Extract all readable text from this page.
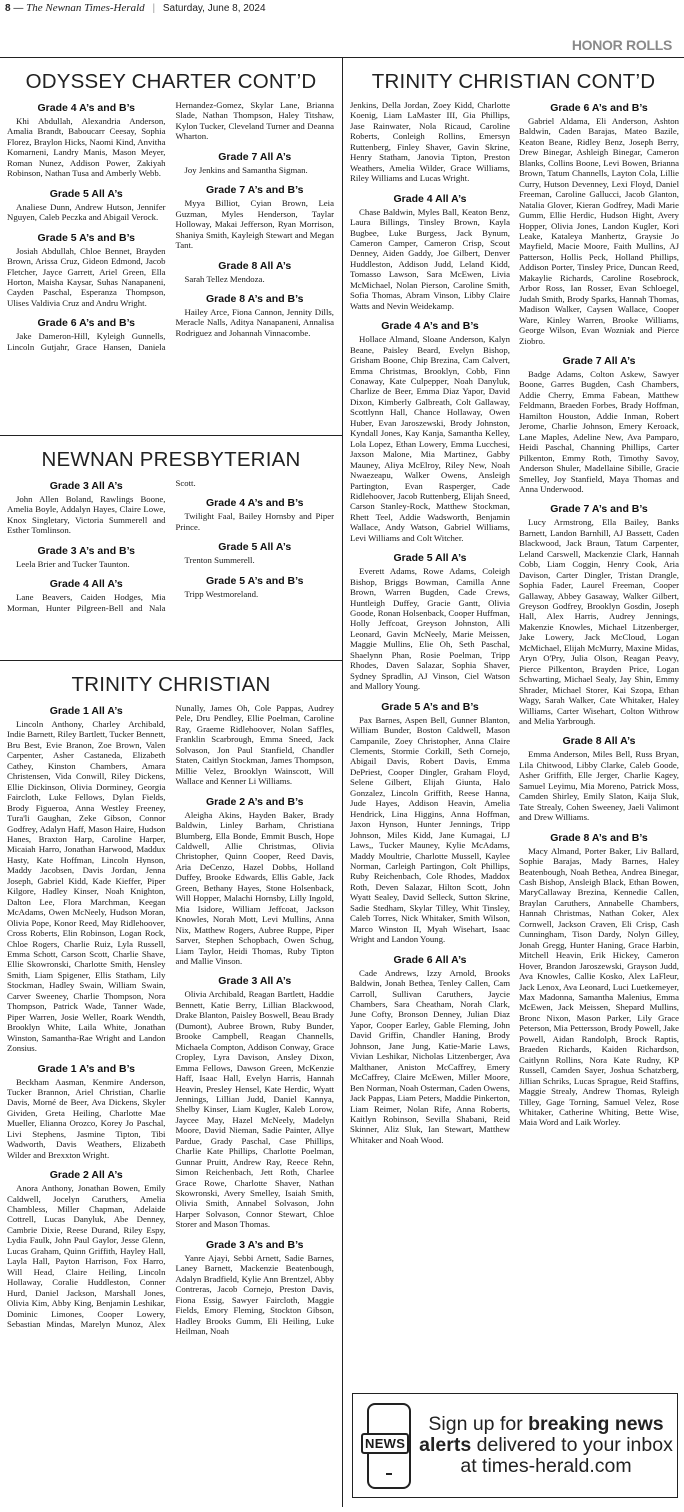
8 — The Newnan Times-Herald | Saturday, June 8, 2024
HONOR ROLLS
ODYSSEY CHARTER CONT’D
Grade 4 A’s and B’s

Khi Abdullah, Alexandria Anderson, Amalia Brandt, Baboucarr Ceesay, Sophia Florez, Braylon Hicks, Naomi Kind, Anvitha Komarneni, Landry Manis, Mason Meyer, Roman Nunez, Addison Power, Zakiyah Robinson, Nathan Tusa and Amberly Webb.

Grade 5 All A’s

Analiese Dunn, Andrew Hutson, Jennifer Nguyen, Caleb Peczka and Abigail Verock.

Grade 5 A’s and B’s

Josiah Abdullah, Chloe Bennet, Brayden Brown, Arissa Cruz, Gideon Edmond, Jacob Fletcher, Jayce Garrett, Ariel Green, Ella Horton, Maisha Kaysar, Suhas Nanapaneni, Cayden Paschal, Esperanza Thompson, Ulises Valdivia Cruz and Andru Wright.

Grade 6 A’s and B’s

Jake Dameron-Hill, Kyleigh Gunnells, Lincoln Gutjahr, Grace Hansen, Daniela Hernandez-Gomez, Skylar Lane, Brianna Slade, Nathan Thompson, Haley Titshaw, Kylon Tucker, Cleveland Turner and Deanna Wharton.

Grade 7 All A’s

Joy Jenkins and Samantha Sigman.

Grade 7 A’s and B’s

Myya Billiot, Cyian Brown, Leia Guzman, Myles Henderson, Taylar Holloway, Makai Jefferson, Ryan Morrison, Shaniya Smith, Kayleigh Stewart and Megan Tant.

Grade 8 All A’s

Sarah Tellez Mendoza.

Grade 8 A’s and B’s

Hailey Arce, Fiona Cannon, Jennity Dills, Meracle Nalls, Aditya Nanapaneni, Annalisa Rodriguez and Johannah Vinnacombe.

NEWNAN PRESBYTERIAN
Grade 3 All A’s

John Allen Boland, Rawlings Boone, Amelia Boyle, Addalyn Hayes, Claire Lowe, Knox Singletary, Victoria Summerell and Esther Tomlinson.

Grade 3 A’s and B’s

Leela Brier and Tucker Taunton.

Grade 4 All A’s

Lane Beavers, Caiden Hodges, Mia Morman, Hunter Pilgreen-Bell and Nala Scott.

Grade 4 A’s and B’s

Twilight Faal, Bailey Hornsby and Piper Prince.

Grade 5 All A’s

Trenton Summerell.

Grade 5 A’s and B’s

Tripp Westmoreland.

TRINITY CHRISTIAN
Grade 1 All A’s

Lincoln Anthony, Charley Archibald, Indie Barnett, Riley Bartlett, Tucker Bennett, Bru Best, Evie Branon, Zoe Brown, Valen Carpenter, Asher Castaneda, Elizabeth Cathey, Kinston Chambers, Amara Christensen, Vida Conwill, Riley Dickens, Ellie Dickinson, Olivia Dorminey, Georgia Faircloth, Luke Fellows, Dylan Fields, Brody Figueroa, Anna Westley Freeney, Tura'li Gaughan, Zeke Gibson, Connor Godfrey, Adalyn Haff, Mason Haire, Hudson Hanes, Braxton Harp, Caroline Harper, Micaiah Harro, Jonathan Harwood, Maddux Hasty, Kate Hoffman, Lincoln Hynson, Maddy Jacobsen, Davis Jordan, Jenna Joseph, Gabriel Kidd, Kade Kieffer, Piper Kilgore, Hadley Kinser, Noah Knighton, Dalton Lee, Flora Marchman, Keegan McAdams, Owen McNeely, Hudson Moran, Olivia Pope, Konor Reed, May Ridlehoover, Cross Roberts, Elin Robinson, Logan Rock, Chloe Rogers, Charlie Ruiz, Lyla Russell, Emma Schott, Carson Scott, Charlie Shave, Ellie Skowronski, Charlotte Smith, Hensley Smith, Liam Spigener, Ellis Statham, Lily Stockman, Hadley Swain, William Swain, Carver Sweeney, Charlie Thompson, Nora Thompson, Patrick Wade, Tanner Wade, Piper Warren, Josie Weller, Roark Wendth, Brooklyn White, Laila White, Jonathan Winston, Samantha-Rae Wright and Landon Zonsius.

Grade 1 A’s and B’s

Beckham Aasman, Kenmire Anderson, Tucker Brannon, Ariel Christian, Charlie Davis, Morné de Beer, Ava Dickens, Skyler Gividen, Greta Heiling, Charlotte Mae Mueller, Elianna Orozco, Korey Jo Paschal, Livi Stephens, Jasmine Tipton, Tibi Wadworth, Davis Weathers, Elizabeth Wilder and Brexxton Wright.

Grade 2 All A’s

Anora Anthony, Jonathan Bowen, Emily Caldwell, Jocelyn Caruthers, Amelia Chambless, Miller Chapman, Adelaide Cottrell, Lucas Danyluk, Abe Denney, Cambrie Dixie, Reese Durand, Riley Espy, Lydia Faulk, John Paul Gaylor, Jesse Glenn, Lucas Graham, Quinn Griffith, Hayley Hall, Layla Hall, Payton Harrison, Fox Harro, Will Head, Claire Heiling, Lincoln Hollaway, Coralie Huddleston, Conner Hurd, Daniel Jackson, Marshall Jones, Olivia Kim, Abby King, Benjamin Leshikar, Dominic Limones, Cooper Lowery, Sebastian Mindas, Marelyn Munoz, Alex Nunally, James Oh, Cole Pappas, Audrey Pele, Dru Pendley, Ellie Poelman, Caroline Ray, Graeme Ridlehoover, Nolan Saffles, Franklin Scarbrough, Emma Sneed, Jack Solvason, Jon Paul Stanfield, Chandler Staten, Caitlyn Stockman, James Thompson, Millie Velez, Brooklyn Wainscott, Will Wallace and Kenner Li Williams.

Grade 2 A’s and B’s

Aleigha Akins, Hayden Baker, Brady Baldwin, Linley Barham, Christiana Blumberg, Ella Bonde, Emmit Busch, Hope Caldwell, Allie Christmas, Olivia Christopher, Quinn Cooper, Reed Davis, Aria DeCenzo, Hazel Dobbs, Holland Duffey, Brooke Edwards, Ellis Gable, Jack Green, Bethany Hayes, Stone Holsenback, Will Hopper, Malachi Hornsby, Lilly Ingold, Mia Isidore, William Jeffcoat, Jackson Knowles, Norah Mott, Levi Mullins, Anna Nix, Matthew Rogers, Aubree Ruppe, Piper Sarver, Stephen Schopbach, Owen Schug, Liam Taylor, Heidi Thomas, Ruby Tipton and Mallie Vinson.

Grade 3 All A’s

Olivia Archibald, Reagan Bartlett, Haddie Bennett, Katie Berry, Lillian Blackwood, Drake Blanton, Paisley Boswell, Beau Brady (Dumont), Aubree Brown, Ruby Bunder, Brooke Campbell, Reagan Channells, Michaela Compton, Addison Conway, Grace Cropley, Lyra Davison, Ansley Dixon, Emma Fellows, Dawson Green, McKenzie Haff, Isaac Hall, Evelyn Harris, Hannah Heavin, Presley Hensel, Kate Herdic, Wyatt Jennings, Lillian Judd, Daniel Kannya, Shelby Kinser, Liam Kugler, Kaleb Lorow, Jaycee May, Hazel McNeely, Madelyn Moore, David Nieman, Sadie Painter, Allye Pardue, Grady Paschal, Case Phillips, Charlie Kate Phillips, Charlotte Poelman, Gunnar Pruitt, Andrew Ray, Reece Rehn, Simon Reichenbach, Jett Roth, Charlee Grace Rowe, Charlotte Shaver, Nathan Skowronski, Avery Smelley, Isaiah Smith, Olivia Smith, Annabel Solvason, John Harper Solvason, Connor Stewart, Chloe Storer and Mason Thomas.

Grade 3 A’s and B’s

Yanre Ajayi, Sebbi Arnett, Sadie Barnes, Laney Barnett, Mackenzie Beatenbough, Adalyn Bradfield, Kylie Ann Brentzel, Abby Contreras, Jacob Cornejo, Preston Davis, Fiona Essig, Sawyer Faircloth, Maggie Fields, Emory Fleming, Stockton Gibson, Hadley Brooks Gumm, Eli Heiling, Luke Heilman, Noah

TRINITY CHRISTIAN CONT’D

Jenkins, Della Jordan, Zoey Kidd, Charlotte Koenig, Liam LaMaster III, Gia Phillips, Jase Rainwater, Nola Ricaud, Caroline Roberts, Conleigh Rollins, Emersyn Ruttenberg, Finley Shaver, Gavin Skrine, Henry Statham, Janovia Tipton, Preston Weathers, Amelia Wilder, Grace Williams, Riley Williams and Lucas Wright.

Grade 4 All A’s

Chase Baldwin, Myles Ball, Keaton Benz, Laura Billings, Tinsley Brown, Kayla Bugbee, Luke Burgess, Jack Bynum, Cameron Camper, Cameron Crisp, Scout Denney, Aiden Gaddy, Joe Gilbert, Denver Huddleston, Addison Judd, Leland Kidd, Tomasso Lawson, Sara McEwen, Livia McMichael, Nolan Pierson, Caroline Smith, Sofia Thomas, Abram Vinson, Libby Claire Watts and Nevin Weidekamp.

Grade 4 A’s and B’s

Hollace Almand, Sloane Anderson, Kalyn Beane, Paisley Beard, Evelyn Bishop, Grisham Boone, Chip Brezina, Cam Calvert, Emma Christmas, Brooklyn, Cobb, Finn Conaway, Kate Culpepper, Noah Danyluk, Charlize de Beer, Emma Diaz Yapor, David Dixon, Kimberly Galbreath, Colt Gallaway, Scottlynn Hall, Chance Hollaway, Owen Huber, Evan Jaroszewski, Brody Johnston, Kyndall Jones, Kay Kanja, Samantha Kelley, Lola Lopez, Ethan Lowery, Emma Lucchesi, Jaxson Malone, Mia Martinez, Gabby Mauney, Aliya McElroy, Riley New, Noah Nwaezeapu, Walker Owens, Ansleigh Partington, Evan Rasperger, Cade Ridlehoover, Jacob Ruttenberg, Elijah Sneed, Carson Stanley-Rock, Matthew Stockman, Rhett Teel, Addie Wadsworth, Benjamin Wallace, Andy Watson, Gabriel Williams, Levi Williams and Colt Witcher.

Grade 5 All A’s

Everett Adams, Rowe Adams, Coleigh Bishop, Briggs Bowman, Camilla Anne Brown, Warren Bugden, Cade Crews, Huntleigh Duffey, Gracie Gantt, Olivia Goode, Ronan Holsenback, Cooper Huffman, Holly Jeffcoat, Greyson Johnston, Alli Leonard, Gavin McNeely, Marie Meissen, Maggie Mullins, Elie Oh, Seth Paschal, Shaelynn Phan, Rosie Poelman, Tripp Rhodes, Daven Salazar, Sophia Shaver, Sydney Spradlin, AJ Vinson, Ciel Watson and Mallory Young.

Grade 5 A’s and B’s

Pax Barnes, Aspen Bell, Gunner Blanton, William Bunder, Boston Caldwell, Mason Campanile, Zoey Christopher, Anna Claire Clements, Stormie Corkill, Seth Cornejo, Abigail Davis, Robert Davis, Emma DePriest, Cooper Dingler, Graham Floyd, Selene Gilbert, Elijah Giunta, Halo Gonzalez, Lincoln Griffith, Reese Hanna, Jude Hayes, Addison Heavin, Amelia Hendrick, Lina Higgins, Anna Hoffman, Jaxon Hynson, Hunter Jennings, Tripp Johnson, Miles Kidd, Jane Kumagai, LJ Laws,, Tucker Mauney, Kylie McAdams, Maddy Moultrie, Charlotte Mussell, Kaylee Norman, Carleigh Partingon, Colt Phillips, Ruby Reichenbach, Cole Rhodes, Maddox Roth, Deven Salazar, Hilton Scott, John Wyatt Sealey, David Selleck, Sutton Skrine, Sadie Stedham, Skylar Tilley, Whit Tinsley, Caleb Torres, Nick Whitaker, Smith Wilson, Marco Winston II, Myah Wisehart, Isaac Wright and Landon Young.

Grade 6 All A’s

Cade Andrews, Izzy Arnold, Brooks Baldwin, Jonah Bethea, Tenley Callen, Cam Carroll, Sullivan Caruthers, Jaycie Chambers, Sara Cheatham, Norah Clark, June Cofty, Bronson Denney, Julian Diaz Yapor, Cooper Earley, Gable Fleming, John David Griffin, Chandler Haning, Brody Johnson, Jane Jung, Katie-Marie Laws, Vivian Leshikar, Nicholas Litzenberger, Ava Malthaner, Aniston McCaffrey, Emery McCaffrey, Claire McEwen, Miller Moore, Ben Norman, Noah Osterman, Caden Owens, Jack Pappas, Liam Peters, Maddie Pinkerton, Liam Reimer, Nolan Rife, Anna Roberts, Kaitlyn Robinson, Sevilla Shabani, Reid Skinner, Aliz Sluk, Ian Stewart, Matthew Whitaker and Noah Wood.

Grade 6 A’s and B’s

Gabriel Aldama, Eli Anderson, Ashton Baldwin, Caden Barajas, Mateo Bazile, Keaton Beane, Ridley Benz, Joseph Berry, Drew Binegar, Ashleigh Binegar, Cameron Blanks, Collins Boone, Levi Bowen, Brianna Brown, Tatum Channells, Layton Cola, Lillie Curry, Hutson Devenney, Lexi Floyd, Daniel Freeman, Caroline Gallucci, Jacob Glanton, Natalia Glover, Kieran Godfrey, Madi Marie Gumm, Ellie Herdic, Hudson Hight, Avery Hopper, Olivia Jones, Landon Kugler, Kori Leake, Kataleya Manhertz, Graysie Jo Mayfield, Macie Moore, Faith Mullins, AJ Patterson, Hollis Peck, Holland Phillips, Addison Porter, Tinsley Price, Duncan Reed, Makaylie Richards, Caroline Rosebrock, Arbor Ross, Ian Rosser, Evan Schloegel, Judah Smith, Brody Sparks, Hannah Thomas, Madison Walker, Caysen Wallace, Cooper Ware, Kinley Warren, Brooke Williams, George Wilson, Evan Wozniak and Pierce Ziobro.

Grade 7 All A’s

Badge Adams, Colton Askew, Sawyer Boone, Garres Bugden, Cash Chambers, Addie Cherry, Emma Fabean, Matthew Feldmann, Braeden Forbes, Brady Hoffman, Hamilton Houston, Addie Inman, Robert Jerome, Charlie Johnson, Emery Keroack, Lane Maples, Adeline New, Ava Pamparo, Heidi Paschal, Channing Phillips, Carter Pilkenton, Emmy Roth, Timothy Savoy, Anderson Shuler, Madellaine Sibille, Gracie Smelley, Joy Stanfield, Maya Thomas and Anna Underwood.

Grade 7 A’s and B’s

Lucy Armstrong, Ella Bailey, Banks Barnett, Landon Barnhill, AJ Bassett, Caden Blackwood, Jack Braun, Tatum Carpenter, Leland Carswell, Mackenzie Clark, Hannah Cobb, Liam Coggin, Henry Cook, Aria Davison, Carter Dingler, Tristan Drangle, Sophia Fader, Laurel Freeman, Cooper Gallaway, Abbey Gasaway, Walker Gilbert, Greyson Godfrey, Brooklyn Gosdin, Joseph Hall, Alex Harris, Audrey Jennings, Makenzie Knowles, Michael Litzenberger, Jake Lowery, Jack McCloud, Logan McMichael, Elijah McMurry, Maxine Midas, Aryn O'Pry, Julia Olson, Reagan Peavy, Pierce Pilkenton, Brayden Price, Logan Schwarting, Michael Sealy, Jay Shin, Emmy Shrader, Michael Storer, Kai Szopa, Ethan Wagy, Sarah Walker, Cate Whitaker, Haley Williams, Carter Wisehart, Colton Withrow and Melia Yarbrough.

Grade 8 All A’s

Emma Anderson, Miles Bell, Russ Bryan, Lila Chitwood, Libby Clarke, Caleb Goode, Asher Griffith, Elle Jerger, Charlie Kagey, Samuel Leyimu, Mia Moreno, Patrick Moss, Camden Shirley, Emily Slaton, Kaija Sluk, Tate Strealy, Cohen Sweeney, Jaeli Valimont and Drew Williams.

Grade 8 A’s and B’s

Macy Almand, Porter Baker, Liv Ballard, Sophie Barajas, Mady Barnes, Haley Beatenbough, Noah Bethea, Andrea Binegar, Cash Bishop, Ansleigh Black, Ethan Bowen, MaryCallaway Brezina, Kennedie Callen, Braylan Caruthers, Annabelle Chambers, Hannah Christmas, Nathan Coker, Alex Cornwell, Jackson Craven, Eli Crisp, Cash Cunningham, Tison Dardy, Nolyn Gilley, Jonah Gregg, Hunter Haning, Grace Harbin, Mitchell Heavin, Erik Hickey, Cameron Hover, Brandon Jaroszewski, Grayson Judd, Ava Knowles, Callie Kosko, Alex LaFleur, Jack Lenox, Ava Leonard, Luci Luetkemeyer, Max Madonna, Samantha Malenius, Emma McEwen, Jack Meissen, Shepard Mullins, Bronc Nixon, Mason Parker, Lily Grace Peterson, Mia Pettersson, Brody Powell, Jake Powell, Aidan Randolph, Brock Raptis, Braeden Richards, Kaiden Richardson, Caitlynn Rollins, Nora Kate Rudny, KP Russell, Camden Sayer, Joshua Schatzberg, Jillian Schriks, Lucas Sprague, Reid Staffins, Maggie Strealy, Andrew Thomas, Ryleigh Tilley, Gage Torning, Samuel Velez, Rose Whitaker, Catherine Whiting, Bette Wise, Maia Word and Laik Worley.

NEWS
Sign up for breaking news alerts delivered to your inbox at times-herald.com
